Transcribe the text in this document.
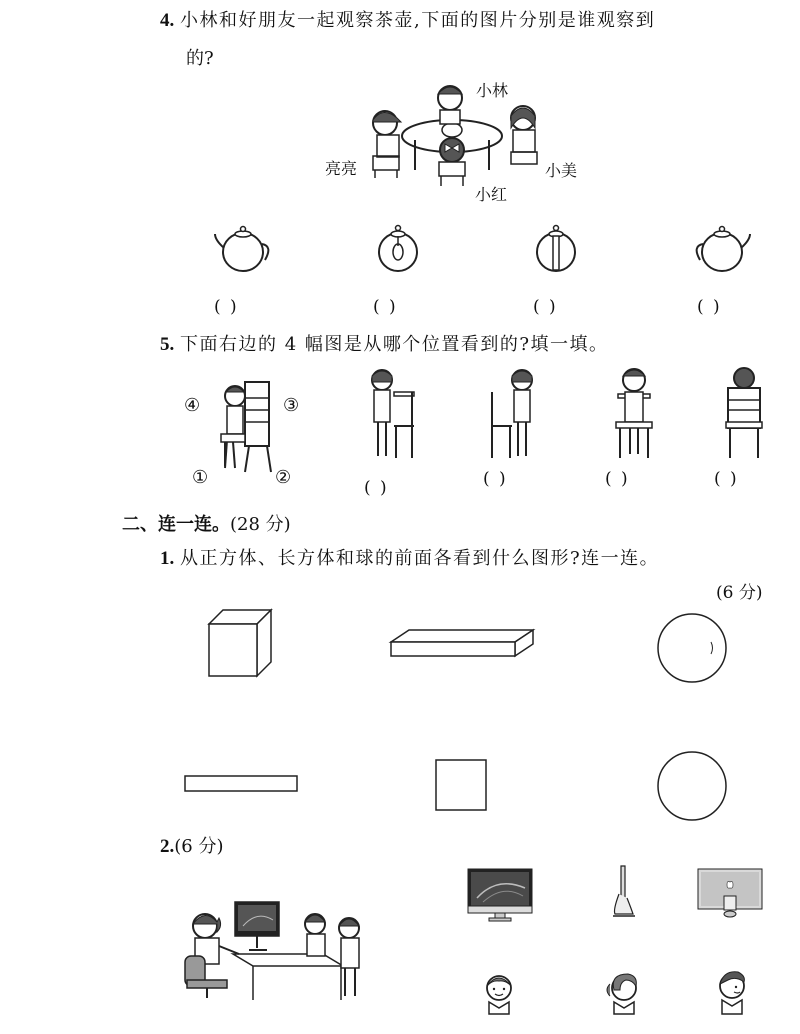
4. 小林和好朋友一起观察茶壶,下面的图片分别是谁观察到
的?
小林
亮亮	小美
小红
( )	( )	( )	( )
5. 下面右边的 4 幅图是从哪个位置看到的?填一填。
④	③
①	②	( )	( )	( )	( )
二、连一连。(28 分)
1. 从正方体、长方体和球的前面各看到什么图形?连一连。
(6 分)
2.(6 分)
